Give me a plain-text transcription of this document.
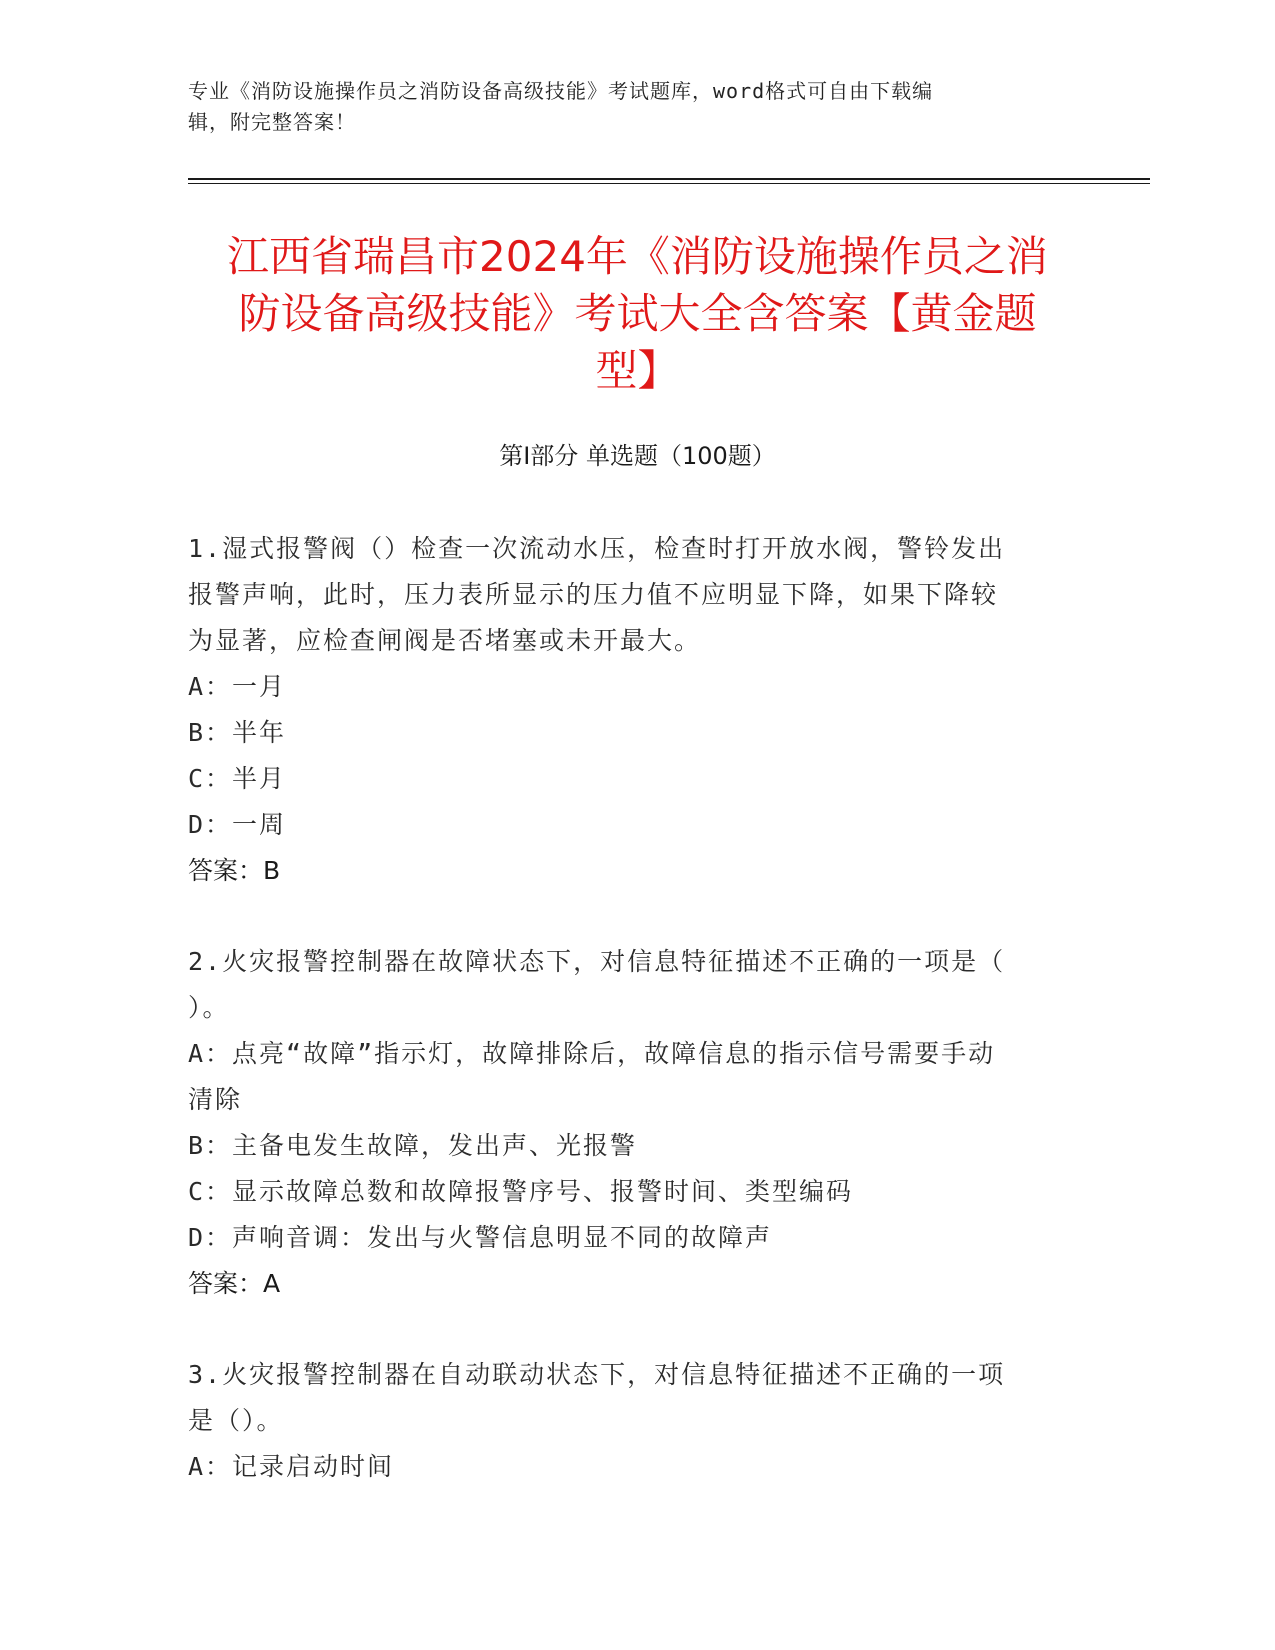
专业《消防设施操作员之消防设备高级技能》考试题库，word格式可自由下载编
辑，附完整答案！
江西省瑞昌市2024年《消防设施操作员之消
防设备高级技能》考试大全含答案【黄金题
型】
第Ⅰ部分 单选题（100题）

1.湿式报警阀（）检查一次流动水压，检查时打开放水阀，警铃发出

报警声响，此时，压力表所显示的压力值不应明显下降，如果下降较

为显著，应检查闸阀是否堵塞或未开最大。

A：一月

B：半年

C：半月

D：一周

答案：B

2.火灾报警控制器在故障状态下，对信息特征描述不正确的一项是（

）。

A：点亮“故障”指示灯，故障排除后，故障信息的指示信号需要手动

清除

B：主备电发生故障，发出声、光报警

C：显示故障总数和故障报警序号、报警时间、类型编码

D：声响音调：发出与火警信息明显不同的故障声

答案：A

3.火灾报警控制器在自动联动状态下，对信息特征描述不正确的一项

是（）。

A：记录启动时间
